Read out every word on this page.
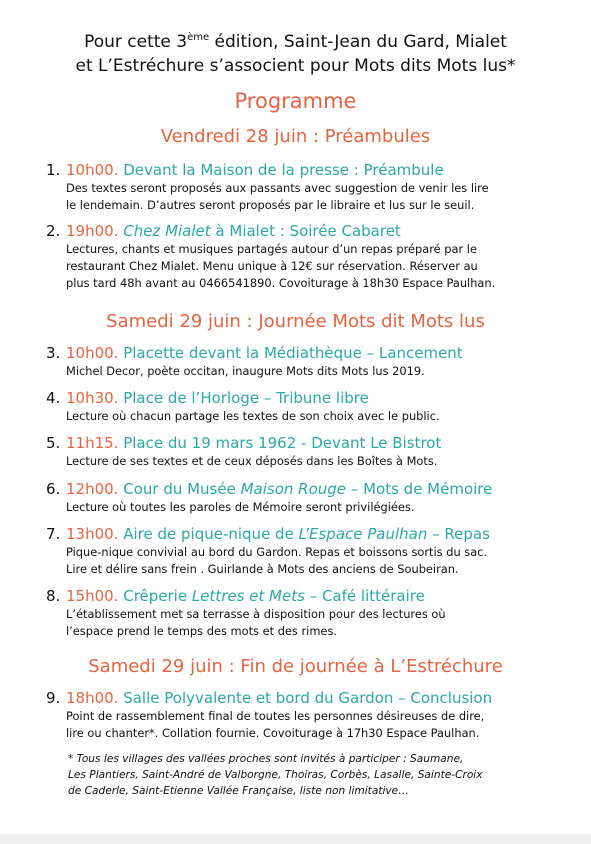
Pour cette 3ème édition, Saint-Jean du Gard, Mialet
et L’Estréchure s’associent pour Mots dits Mots lus*
Programme
Vendredi 28 juin : Préambules
1. 10h00. Devant la Maison de la presse : Préambule
Des textes seront proposés aux passants avec suggestion de venir les lire
le lendemain. D’autres seront proposés par le libraire et lus sur le seuil.
2. 19h00. Chez Mialet à Mialet : Soirée Cabaret
Lectures, chants et musiques partagés autour d’un repas préparé par le
restaurant Chez Mialet. Menu unique à 12€ sur réservation. Réserver au
plus tard 48h avant au 0466541890. Covoiturage à 18h30 Espace Paulhan.
Samedi 29 juin : Journée Mots dit Mots lus
3. 10h00. Placette devant la Médiathèque – Lancement
Michel Decor, poète occitan, inaugure Mots dits Mots lus 2019.
4. 10h30. Place de l’Horloge – Tribune libre
Lecture où chacun partage les textes de son choix avec le public.
5. 11h15. Place du 19 mars 1962 - Devant Le Bistrot
Lecture de ses textes et de ceux déposés dans les Boîtes à Mots.
6. 12h00. Cour du Musée Maison Rouge – Mots de Mémoire
Lecture où toutes les paroles de Mémoire seront privilégiées.
7. 13h00. Aire de pique-nique de L’Espace Paulhan – Repas
Pique-nique convivial au bord du Gardon. Repas et boissons sortis du sac.
Lire et délire sans frein . Guirlande à Mots des anciens de Soubeiran.
8. 15h00. Crêperie Lettres et Mets – Café littéraire
L’établissement met sa terrasse à disposition pour des lectures où
l’espace prend le temps des mots et des rimes.
Samedi 29 juin : Fin de journée à L’Estréchure
9. 18h00. Salle Polyvalente et bord du Gardon – Conclusion
Point de rassemblement final de toutes les personnes désireuses de dire,
lire ou chanter*. Collation fournie. Covoiturage à 17h30 Espace Paulhan.
* Tous les villages des vallées proches sont invités à participer : Saumane,
Les Plantiers, Saint-André de Valborgne, Thoiras, Corbès, Lasalle, Sainte-Croix
de Caderle, Saint-Etienne Vallée Française, liste non limitative…
